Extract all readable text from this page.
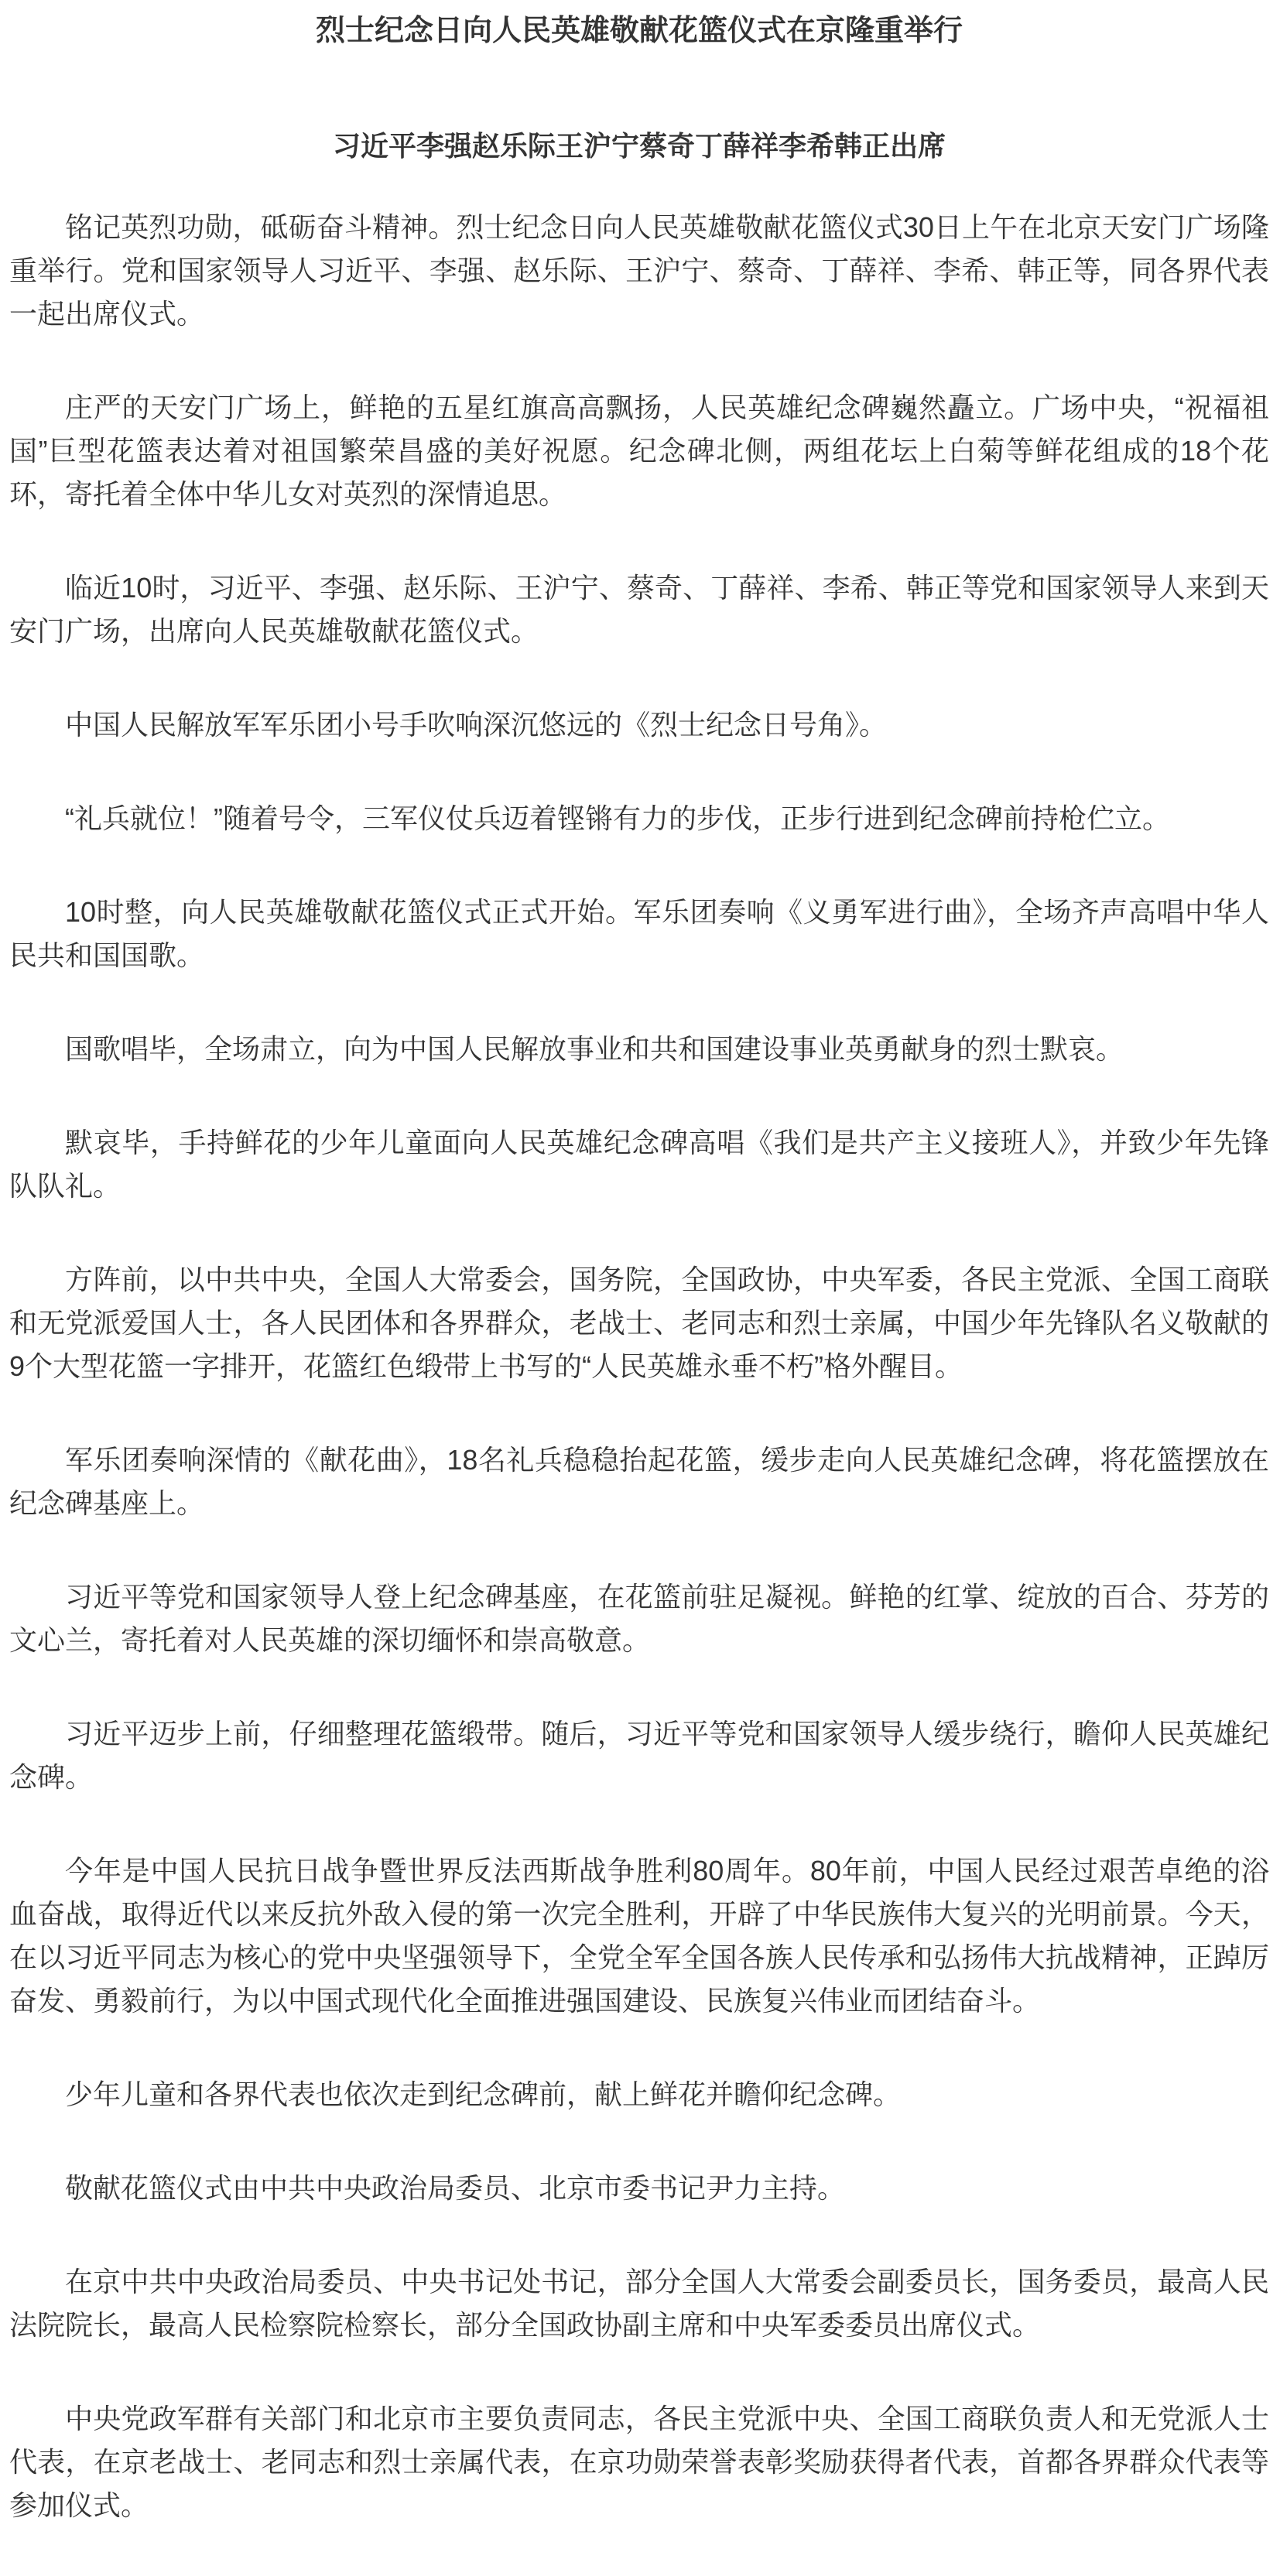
烈士纪念日向人民英雄敬献花篮仪式在京隆重举行
习近平李强赵乐际王沪宁蔡奇丁薛祥李希韩正出席

铭记英烈功勋，砥砺奋斗精神。烈士纪念日向人民英雄敬献花篮仪式30日上午在北京天安门广场隆重举行。党和国家领导人习近平、李强、赵乐际、王沪宁、蔡奇、丁薛祥、李希、韩正等，同各界代表一起出席仪式。

庄严的天安门广场上，鲜艳的五星红旗高高飘扬，人民英雄纪念碑巍然矗立。广场中央，“祝福祖国”巨型花篮表达着对祖国繁荣昌盛的美好祝愿。纪念碑北侧，两组花坛上白菊等鲜花组成的18个花环，寄托着全体中华儿女对英烈的深情追思。

临近10时，习近平、李强、赵乐际、王沪宁、蔡奇、丁薛祥、李希、韩正等党和国家领导人来到天安门广场，出席向人民英雄敬献花篮仪式。

中国人民解放军军乐团小号手吹响深沉悠远的《烈士纪念日号角》。

“礼兵就位！”随着号令，三军仪仗兵迈着铿锵有力的步伐，正步行进到纪念碑前持枪伫立。

10时整，向人民英雄敬献花篮仪式正式开始。军乐团奏响《义勇军进行曲》，全场齐声高唱中华人民共和国国歌。

国歌唱毕，全场肃立，向为中国人民解放事业和共和国建设事业英勇献身的烈士默哀。

默哀毕，手持鲜花的少年儿童面向人民英雄纪念碑高唱《我们是共产主义接班人》，并致少年先锋队队礼。

方阵前，以中共中央，全国人大常委会，国务院，全国政协，中央军委，各民主党派、全国工商联和无党派爱国人士，各人民团体和各界群众，老战士、老同志和烈士亲属，中国少年先锋队名义敬献的9个大型花篮一字排开，花篮红色缎带上书写的“人民英雄永垂不朽”格外醒目。

军乐团奏响深情的《献花曲》，18名礼兵稳稳抬起花篮，缓步走向人民英雄纪念碑，将花篮摆放在纪念碑基座上。

习近平等党和国家领导人登上纪念碑基座，在花篮前驻足凝视。鲜艳的红掌、绽放的百合、芬芳的文心兰，寄托着对人民英雄的深切缅怀和崇高敬意。

习近平迈步上前，仔细整理花篮缎带。随后，习近平等党和国家领导人缓步绕行，瞻仰人民英雄纪念碑。

今年是中国人民抗日战争暨世界反法西斯战争胜利80周年。80年前，中国人民经过艰苦卓绝的浴血奋战，取得近代以来反抗外敌入侵的第一次完全胜利，开辟了中华民族伟大复兴的光明前景。今天，在以习近平同志为核心的党中央坚强领导下，全党全军全国各族人民传承和弘扬伟大抗战精神，正踔厉奋发、勇毅前行，为以中国式现代化全面推进强国建设、民族复兴伟业而团结奋斗。

少年儿童和各界代表也依次走到纪念碑前，献上鲜花并瞻仰纪念碑。

敬献花篮仪式由中共中央政治局委员、北京市委书记尹力主持。

在京中共中央政治局委员、中央书记处书记，部分全国人大常委会副委员长，国务委员，最高人民法院院长，最高人民检察院检察长，部分全国政协副主席和中央军委委员出席仪式。

中央党政军群有关部门和北京市主要负责同志，各民主党派中央、全国工商联负责人和无党派人士代表，在京老战士、老同志和烈士亲属代表，在京功勋荣誉表彰奖励获得者代表，首都各界群众代表等参加仪式。
